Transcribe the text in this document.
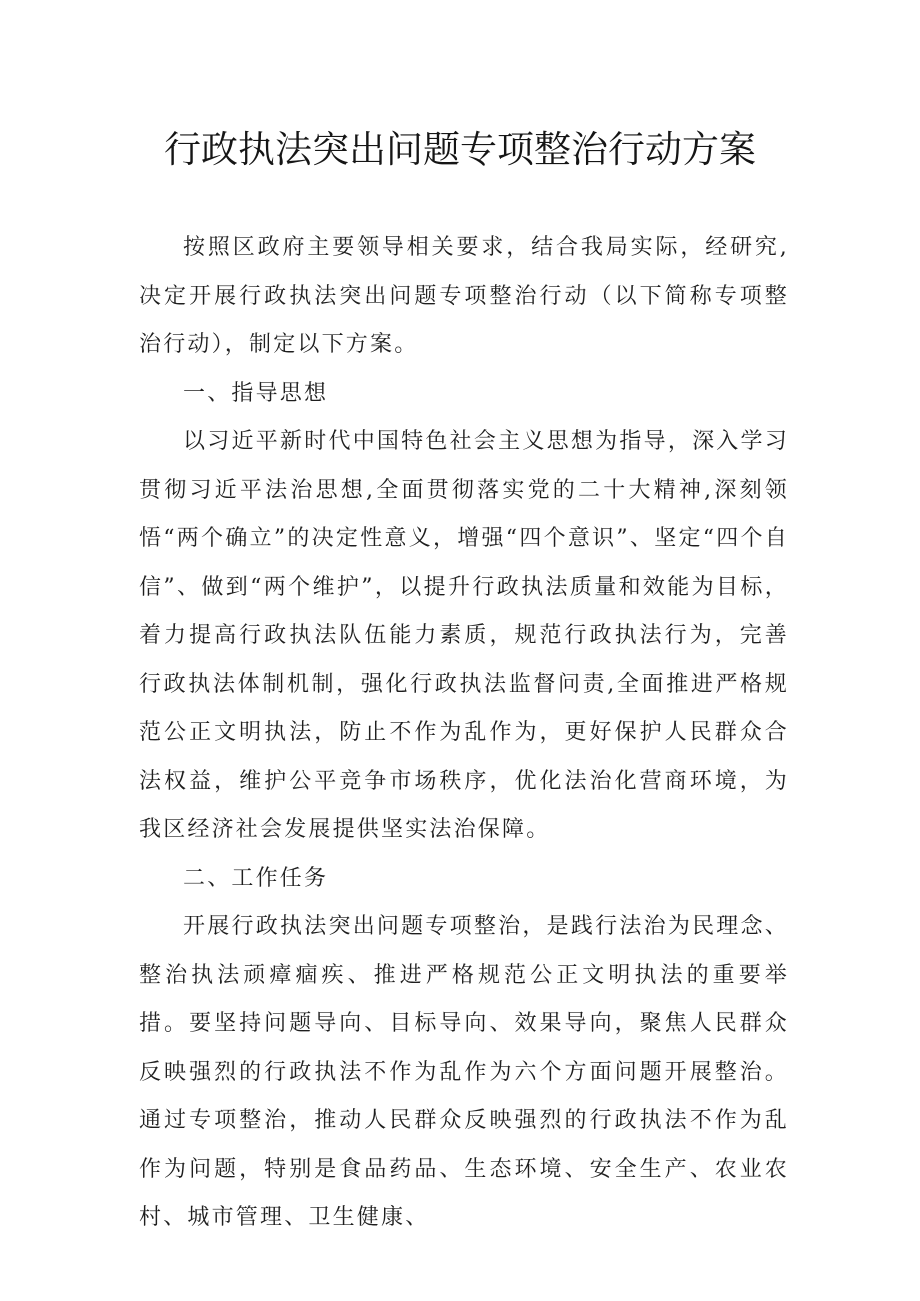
行政执法突出问题专项整治行动方案

按照区政府主要领导相关要求，结合我局实际，经研究,决定开展行政执法突出问题专项整治行动（以下简称专项整治行动），制定以下方案。

一、指导思想

以习近平新时代中国特色社会主义思想为指导，深入学习贯彻习近平法治思想,全面贯彻落实党的二十大精神,深刻领悟“两个确立”的决定性意义，增强“四个意识”、坚定“四个自信”、做到“两个维护”，以提升行政执法质量和效能为目标，着力提高行政执法队伍能力素质，规范行政执法行为，完善行政执法体制机制，强化行政执法监督问责,全面推进严格规范公正文明执法，防止不作为乱作为，更好保护人民群众合法权益，维护公平竞争市场秩序，优化法治化营商环境，为我区经济社会发展提供坚实法治保障。

二、工作任务

开展行政执法突出问题专项整治，是践行法治为民理念、整治执法顽瘴痼疾、推进严格规范公正文明执法的重要举措。要坚持问题导向、目标导向、效果导向，聚焦人民群众反映强烈的行政执法不作为乱作为六个方面问题开展整治。通过专项整治，推动人民群众反映强烈的行政执法不作为乱作为问题，特别是食品药品、生态环境、安全生产、农业农村、城市管理、卫生健康、
